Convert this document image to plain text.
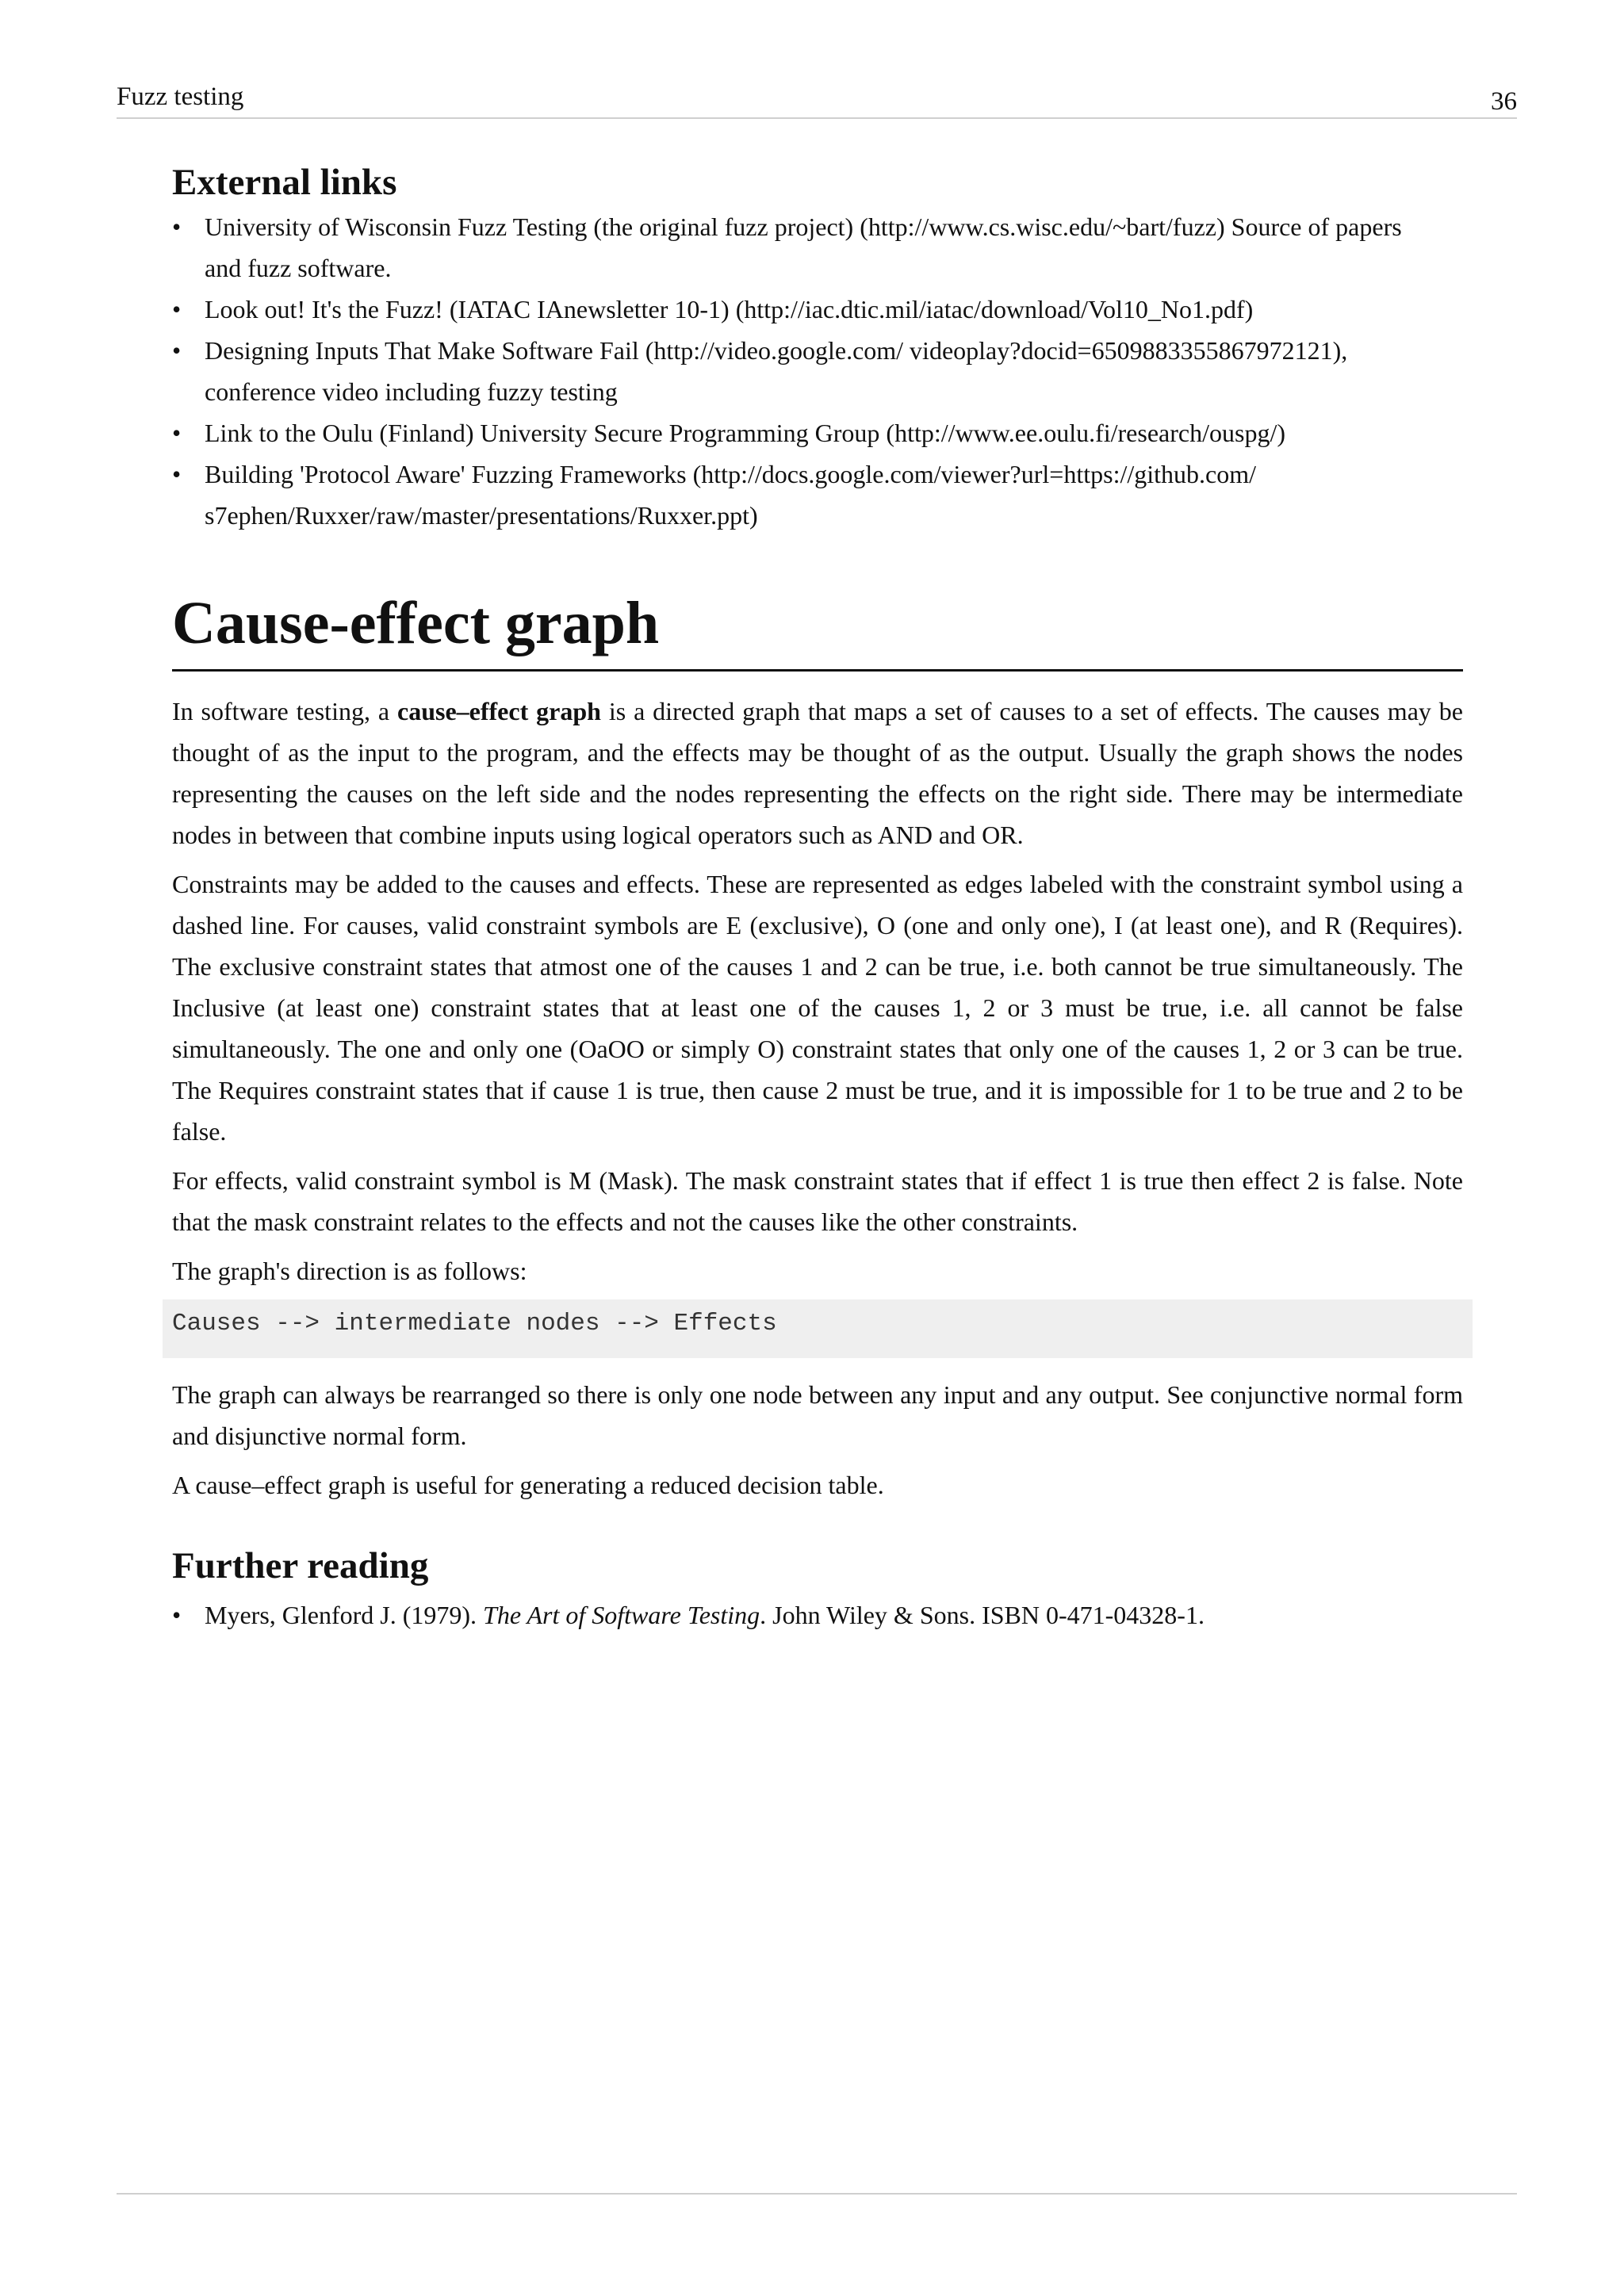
Fuzz testing	36
External links
• University of Wisconsin Fuzz Testing (the original fuzz project) (http://www.cs.wisc.edu/~bart/fuzz) Source of papers and fuzz software.
• Look out! It's the Fuzz! (IATAC IAnewsletter 10-1) (http://iac.dtic.mil/iatac/download/Vol10_No1.pdf)
• Designing Inputs That Make Software Fail (http://video.google.com/ videoplay?docid=6509883355867972121), conference video including fuzzy testing
• Link to the Oulu (Finland) University Secure Programming Group (http://www.ee.oulu.fi/research/ouspg/)
• Building 'Protocol Aware' Fuzzing Frameworks (http://docs.google.com/viewer?url=https://github.com/ s7ephen/Ruxxer/raw/master/presentations/Ruxxer.ppt)
Cause-effect graph

In software testing, a cause–effect graph is a directed graph that maps a set of causes to a set of effects. The causes may be thought of as the input to the program, and the effects may be thought of as the output. Usually the graph shows the nodes representing the causes on the left side and the nodes representing the effects on the right side. There may be intermediate nodes in between that combine inputs using logical operators such as AND and OR.

Constraints may be added to the causes and effects. These are represented as edges labeled with the constraint symbol using a dashed line. For causes, valid constraint symbols are E (exclusive), O (one and only one), I (at least one), and R (Requires). The exclusive constraint states that atmost one of the causes 1 and 2 can be true, i.e. both cannot be true simultaneously. The Inclusive (at least one) constraint states that at least one of the causes 1, 2 or 3 must be true, i.e. all cannot be false simultaneously. The one and only one (OaOO or simply O) constraint states that only one of the causes 1, 2 or 3 can be true. The Requires constraint states that if cause 1 is true, then cause 2 must be true, and it is impossible for 1 to be true and 2 to be false.

For effects, valid constraint symbol is M (Mask). The mask constraint states that if effect 1 is true then effect 2 is false. Note that the mask constraint relates to the effects and not the causes like the other constraints.

The graph's direction is as follows:

Causes --> intermediate nodes --> Effects

The graph can always be rearranged so there is only one node between any input and any output. See conjunctive normal form and disjunctive normal form.

A cause–effect graph is useful for generating a reduced decision table.

Further reading
• Myers, Glenford J. (1979). The Art of Software Testing. John Wiley & Sons. ISBN 0-471-04328-1.
